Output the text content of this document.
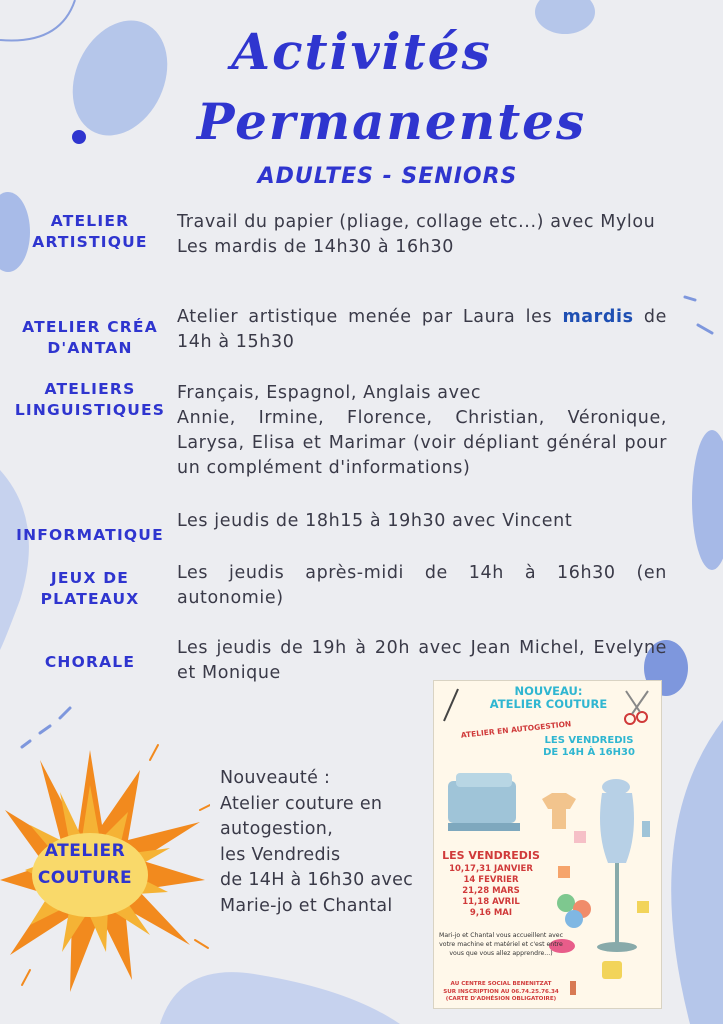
Activités
Permanentes
ADULTES - SENIORS
ATELIER
ARTISTIQUE
Travail du papier (pliage, collage etc...) avec Mylou
Les mardis de 14h30 à 16h30
ATELIER CRÉA
D'ANTAN
Atelier artistique menée par Laura les mardis de 14h à 15h30
ATELIERS
LINGUISTIQUES
Français, Espagnol, Anglais avec
Annie, Irmine, Florence, Christian, Véronique, Larysa, Elisa et Marimar (voir dépliant général pour un complément d'informations)
INFORMATIQUE
Les jeudis de 18h15 à 19h30 avec Vincent
JEUX DE
PLATEAUX
Les jeudis après-midi de 14h à 16h30 (en autonomie)
CHORALE
Les jeudis de 19h à 20h avec Jean Michel, Evelyne et Monique
ATELIER
COUTURE
Nouveauté :
Atelier couture en autogestion,
les Vendredis
de 14H à 16h30 avec Marie-jo et Chantal
NOUVEAU:
ATELIER COUTURE
ATELIER EN AUTOGESTION
LES VENDREDIS
DE 14H À 16H30
LES VENDREDIS
10,17,31 JANVIER
14 FEVRIER
21,28 MARS
11,18 AVRIL
9,16 MAI
Mari-jo et Chantal vous accueillent avec votre machine et matériel et c'est entre vous que vous allez apprendre...)
AU CENTRE SOCIAL BENENITZAT
SUR INSCRIPTION AU 06.74.25.76.34
(CARTE D'ADHÉSION OBLIGATOIRE)
